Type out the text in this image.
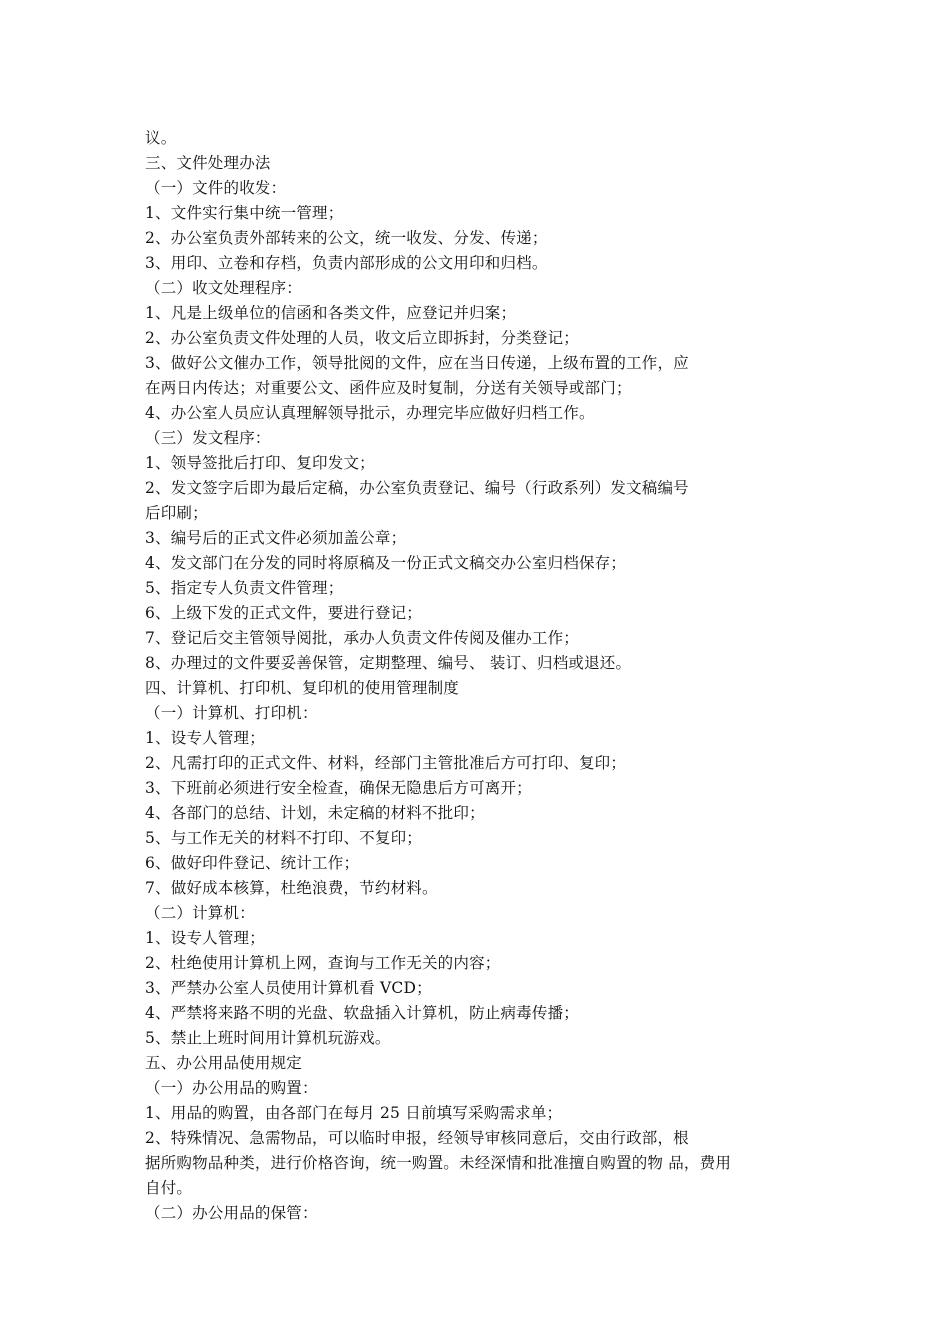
议。
三、文件处理办法
（一）文件的收发：
1、文件实行集中统一管理；
2、办公室负责外部转来的公文，统一收发、分发、传递；
3、用印、立卷和存档，负责内部形成的公文用印和归档。
（二）收文处理程序：
1、凡是上级单位的信函和各类文件，应登记并归案；
2、办公室负责文件处理的人员，收文后立即拆封，分类登记；
3、做好公文催办工作，领导批阅的文件，应在当日传递，上级布置的工作，应
在两日内传达；对重要公文、函件应及时复制，分送有关领导或部门；
4、办公室人员应认真理解领导批示，办理完毕应做好归档工作。
（三）发文程序：
1、领导签批后打印、复印发文；
2、发文签字后即为最后定稿，办公室负责登记、编号（行政系列）发文稿编号
后印刷；
3、编号后的正式文件必须加盖公章；
4、发文部门在分发的同时将原稿及一份正式文稿交办公室归档保存；
5、指定专人负责文件管理；
6、上级下发的正式文件，要进行登记；
7、登记后交主管领导阅批，承办人负责文件传阅及催办工作；
8、办理过的文件要妥善保管，定期整理、编号、 装订、归档或退还。
四、计算机、打印机、复印机的使用管理制度
（一）计算机、打印机：
1、设专人管理；
2、凡需打印的正式文件、材料，经部门主管批准后方可打印、复印；
3、下班前必须进行安全检查，确保无隐患后方可离开；
4、各部门的总结、计划，未定稿的材料不批印；
5、与工作无关的材料不打印、不复印；
6、做好印件登记、统计工作；
7、做好成本核算，杜绝浪费，节约材料。
（二）计算机：
1、设专人管理；
2、杜绝使用计算机上网，查询与工作无关的内容；
3、严禁办公室人员使用计算机看 VCD；
4、严禁将来路不明的光盘、软盘插入计算机，防止病毒传播；
5、禁止上班时间用计算机玩游戏。
五、办公用品使用规定
（一）办公用品的购置：
1、用品的购置，由各部门在每月 25 日前填写采购需求单；
2、特殊情况、急需物品，可以临时申报，经领导审核同意后，交由行政部，根
据所购物品种类，进行价格咨询，统一购置。未经深情和批准擅自购置的物 品，费用
自付。
（二）办公用品的保管：
